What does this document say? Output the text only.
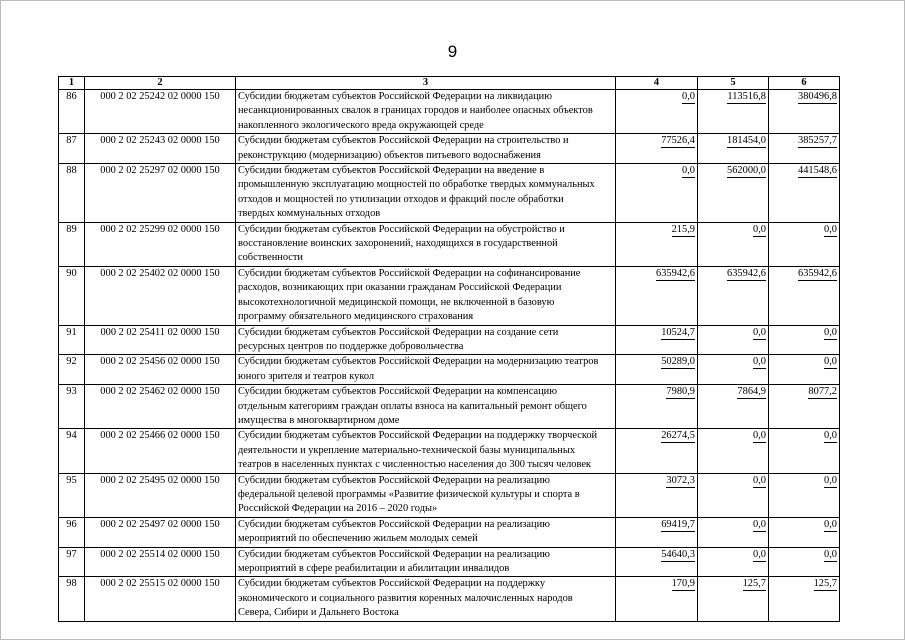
9
1	2	3	4	5	6
86	000 2 02 25242 02 0000 150	Субсидии бюджетам субъектов Российской Федерации на ликвидацию
несанкционированных свалок в границах городов и наиболее опасных объектов
накопленного экологического вреда окружающей среде	0,0	113516,8	380496,8
87	000 2 02 25243 02 0000 150	Субсидии бюджетам субъектов Российской Федерации на строительство и
реконструкцию (модернизацию) объектов питьевого водоснабжения	77526,4	181454,0	385257,7
88	000 2 02 25297 02 0000 150	Субсидии бюджетам субъектов Российской Федерации на введение в
промышленную эксплуатацию мощностей по обработке твердых коммунальных
отходов и мощностей по утилизации отходов и фракций после обработки
твердых коммунальных отходов	0,0	562000,0	441548,6
89	000 2 02 25299 02 0000 150	Субсидии бюджетам субъектов Российской Федерации на обустройство и
восстановление воинских захоронений, находящихся в государственной
собственности	215,9	0,0	0,0
90	000 2 02 25402 02 0000 150	Субсидии бюджетам субъектов Российской Федерации на софинансирование
расходов, возникающих при оказании гражданам Российской Федерации
высокотехнологичной медицинской помощи, не включенной в базовую
программу обязательного медицинского страхования	635942,6	635942,6	635942,6
91	000 2 02 25411 02 0000 150	Субсидии бюджетам субъектов Российской Федерации на создание сети
ресурсных центров по поддержке добровольчества	10524,7	0,0	0,0
92	000 2 02 25456 02 0000 150	Субсидии бюджетам субъектов Российской Федерации на модернизацию театров
юного зрителя и театров кукол	50289,0	0,0	0,0
93	000 2 02 25462 02 0000 150	Субсидии бюджетам субъектов Российской Федерации на компенсацию
отдельным категориям граждан оплаты взноса на капитальный ремонт общего
имущества в многоквартирном доме	7980,9	7864,9	8077,2
94	000 2 02 25466 02 0000 150	Субсидии бюджетам субъектов Российской Федерации на поддержку творческой
деятельности и укрепление материально-технической базы муниципальных
театров в населенных пунктах с численностью населения до 300 тысяч человек	26274,5	0,0	0,0
95	000 2 02 25495 02 0000 150	Субсидии бюджетам субъектов Российской Федерации на реализацию
федеральной целевой программы «Развитие физической культуры и спорта в
Российской Федерации на 2016 – 2020 годы»	3072,3	0,0	0,0
96	000 2 02 25497 02 0000 150	Субсидии бюджетам субъектов Российской Федерации на реализацию
мероприятий по обеспечению жильем молодых семей	69419,7	0,0	0,0
97	000 2 02 25514 02 0000 150	Субсидии бюджетам субъектов Российской Федерации на реализацию
мероприятий в сфере реабилитации и абилитации инвалидов	54640,3	0,0	0,0
98	000 2 02 25515 02 0000 150	Субсидии бюджетам субъектов Российской Федерации на поддержку
экономического и социального развития коренных малочисленных народов
Севера, Сибири и Дальнего Востока	170,9	125,7	125,7
